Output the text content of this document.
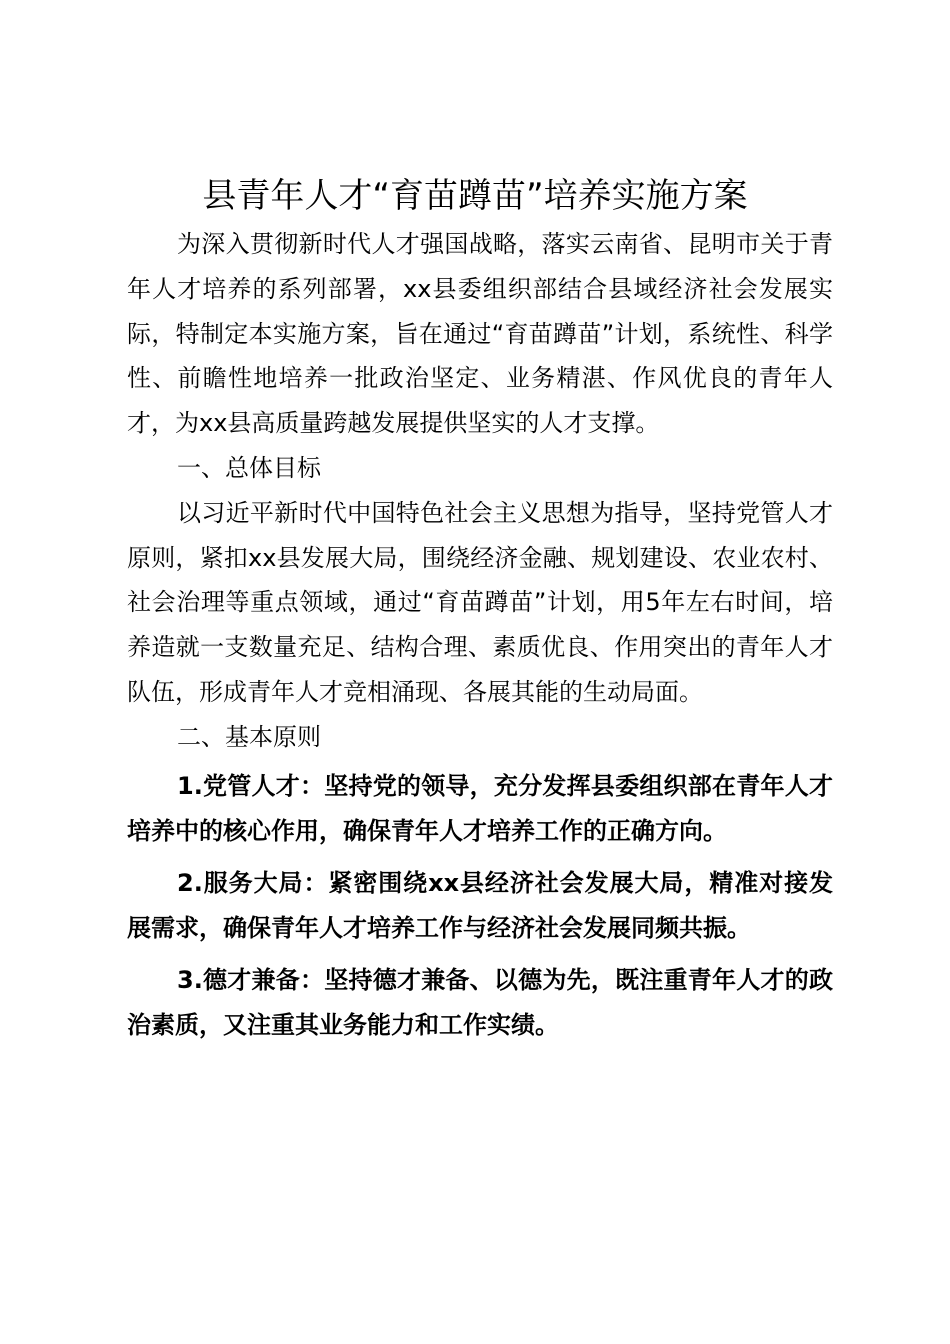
县青年人才“育苗蹲苗”培养实施方案

为深入贯彻新时代人才强国战略，落实云南省、昆明市关于青年人才培养的系列部署，xx县委组织部结合县域经济社会发展实际，特制定本实施方案，旨在通过“育苗蹲苗”计划，系统性、科学性、前瞻性地培养一批政治坚定、业务精湛、作风优良的青年人才，为xx县高质量跨越发展提供坚实的人才支撑。

一、总体目标

以习近平新时代中国特色社会主义思想为指导，坚持党管人才原则，紧扣xx县发展大局，围绕经济金融、规划建设、农业农村、社会治理等重点领域，通过“育苗蹲苗”计划，用5年左右时间，培养造就一支数量充足、结构合理、素质优良、作用突出的青年人才队伍，形成青年人才竞相涌现、各展其能的生动局面。

二、基本原则

1.党管人才：坚持党的领导，充分发挥县委组织部在青年人才培养中的核心作用，确保青年人才培养工作的正确方向。

2.服务大局：紧密围绕xx县经济社会发展大局，精准对接发展需求，确保青年人才培养工作与经济社会发展同频共振。

3.德才兼备：坚持德才兼备、以德为先，既注重青年人才的政治素质，又注重其业务能力和工作实绩。
